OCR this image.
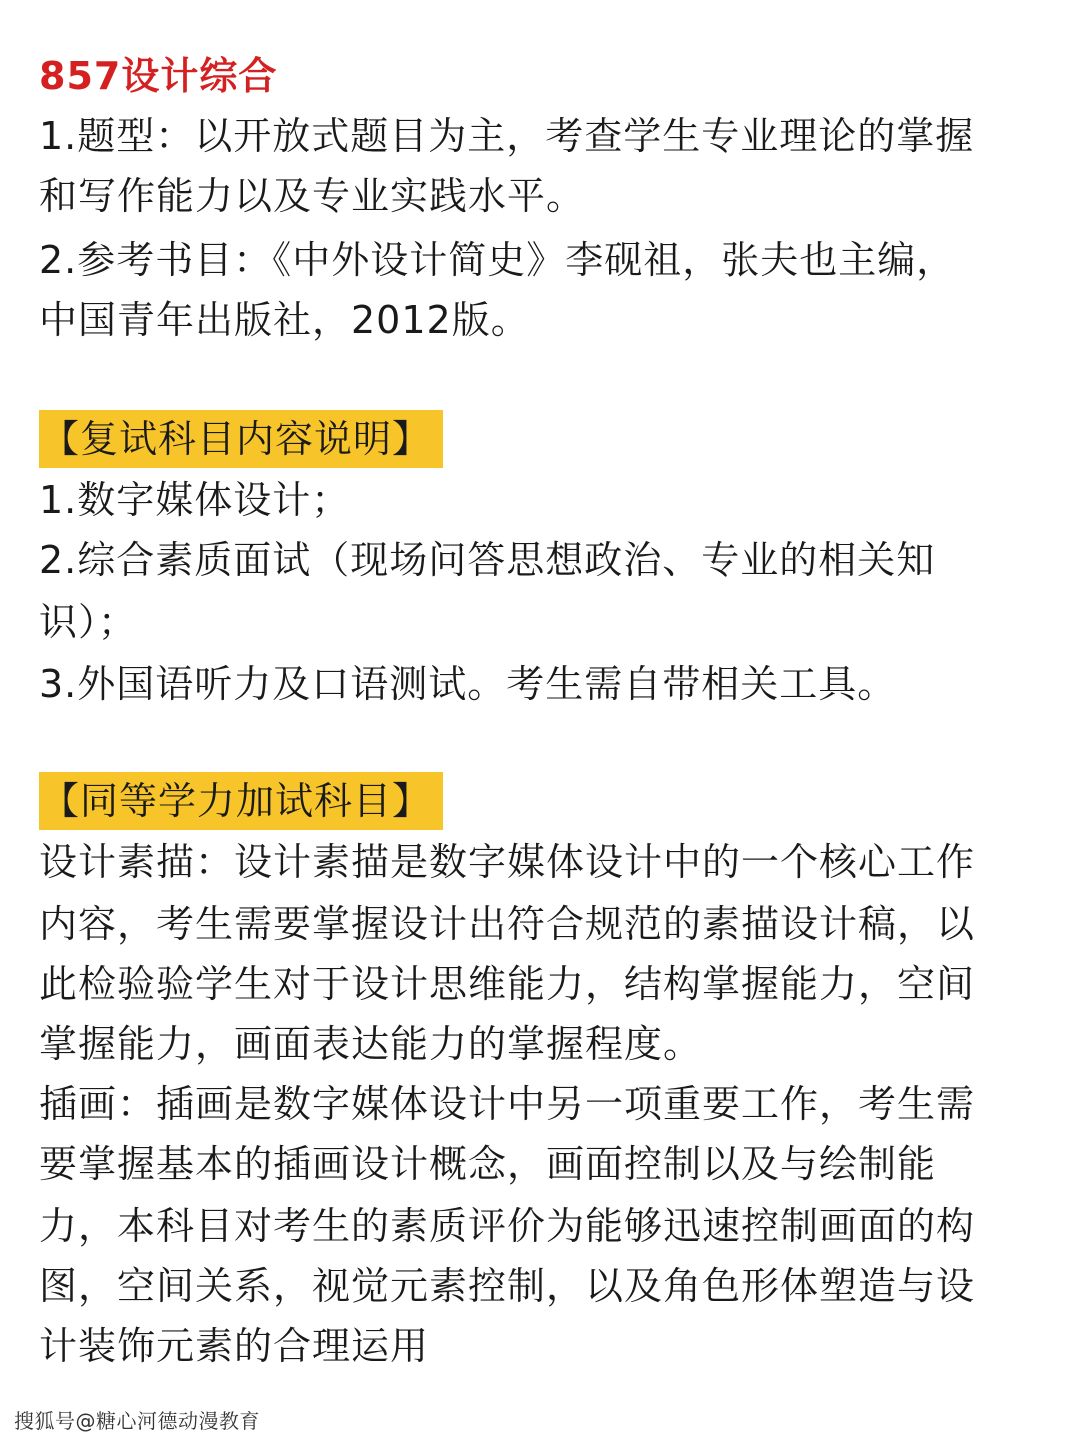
857设计综合
1.题型：以开放式题目为主，考查学生专业理论的掌握
和写作能力以及专业实践水平。
2.参考书目：《中外设计简史》李砚祖，张夫也主编，
中国青年出版社，2012版。
【复试科目内容说明】
1.数字媒体设计；
2.综合素质面试（现场问答思想政治、专业的相关知
识）；
3.外国语听力及口语测试。考生需自带相关工具。
【同等学力加试科目】
设计素描：设计素描是数字媒体设计中的一个核心工作
内容，考生需要掌握设计出符合规范的素描设计稿，以
此检验验学生对于设计思维能力，结构掌握能力，空间
掌握能力，画面表达能力的掌握程度。
插画：插画是数字媒体设计中另一项重要工作，考生需
要掌握基本的插画设计概念，画面控制以及与绘制能
力，本科目对考生的素质评价为能够迅速控制画面的构
图，空间关系，视觉元素控制，以及角色形体塑造与设
计装饰元素的合理运用
搜狐号@糖心河德动漫教育
